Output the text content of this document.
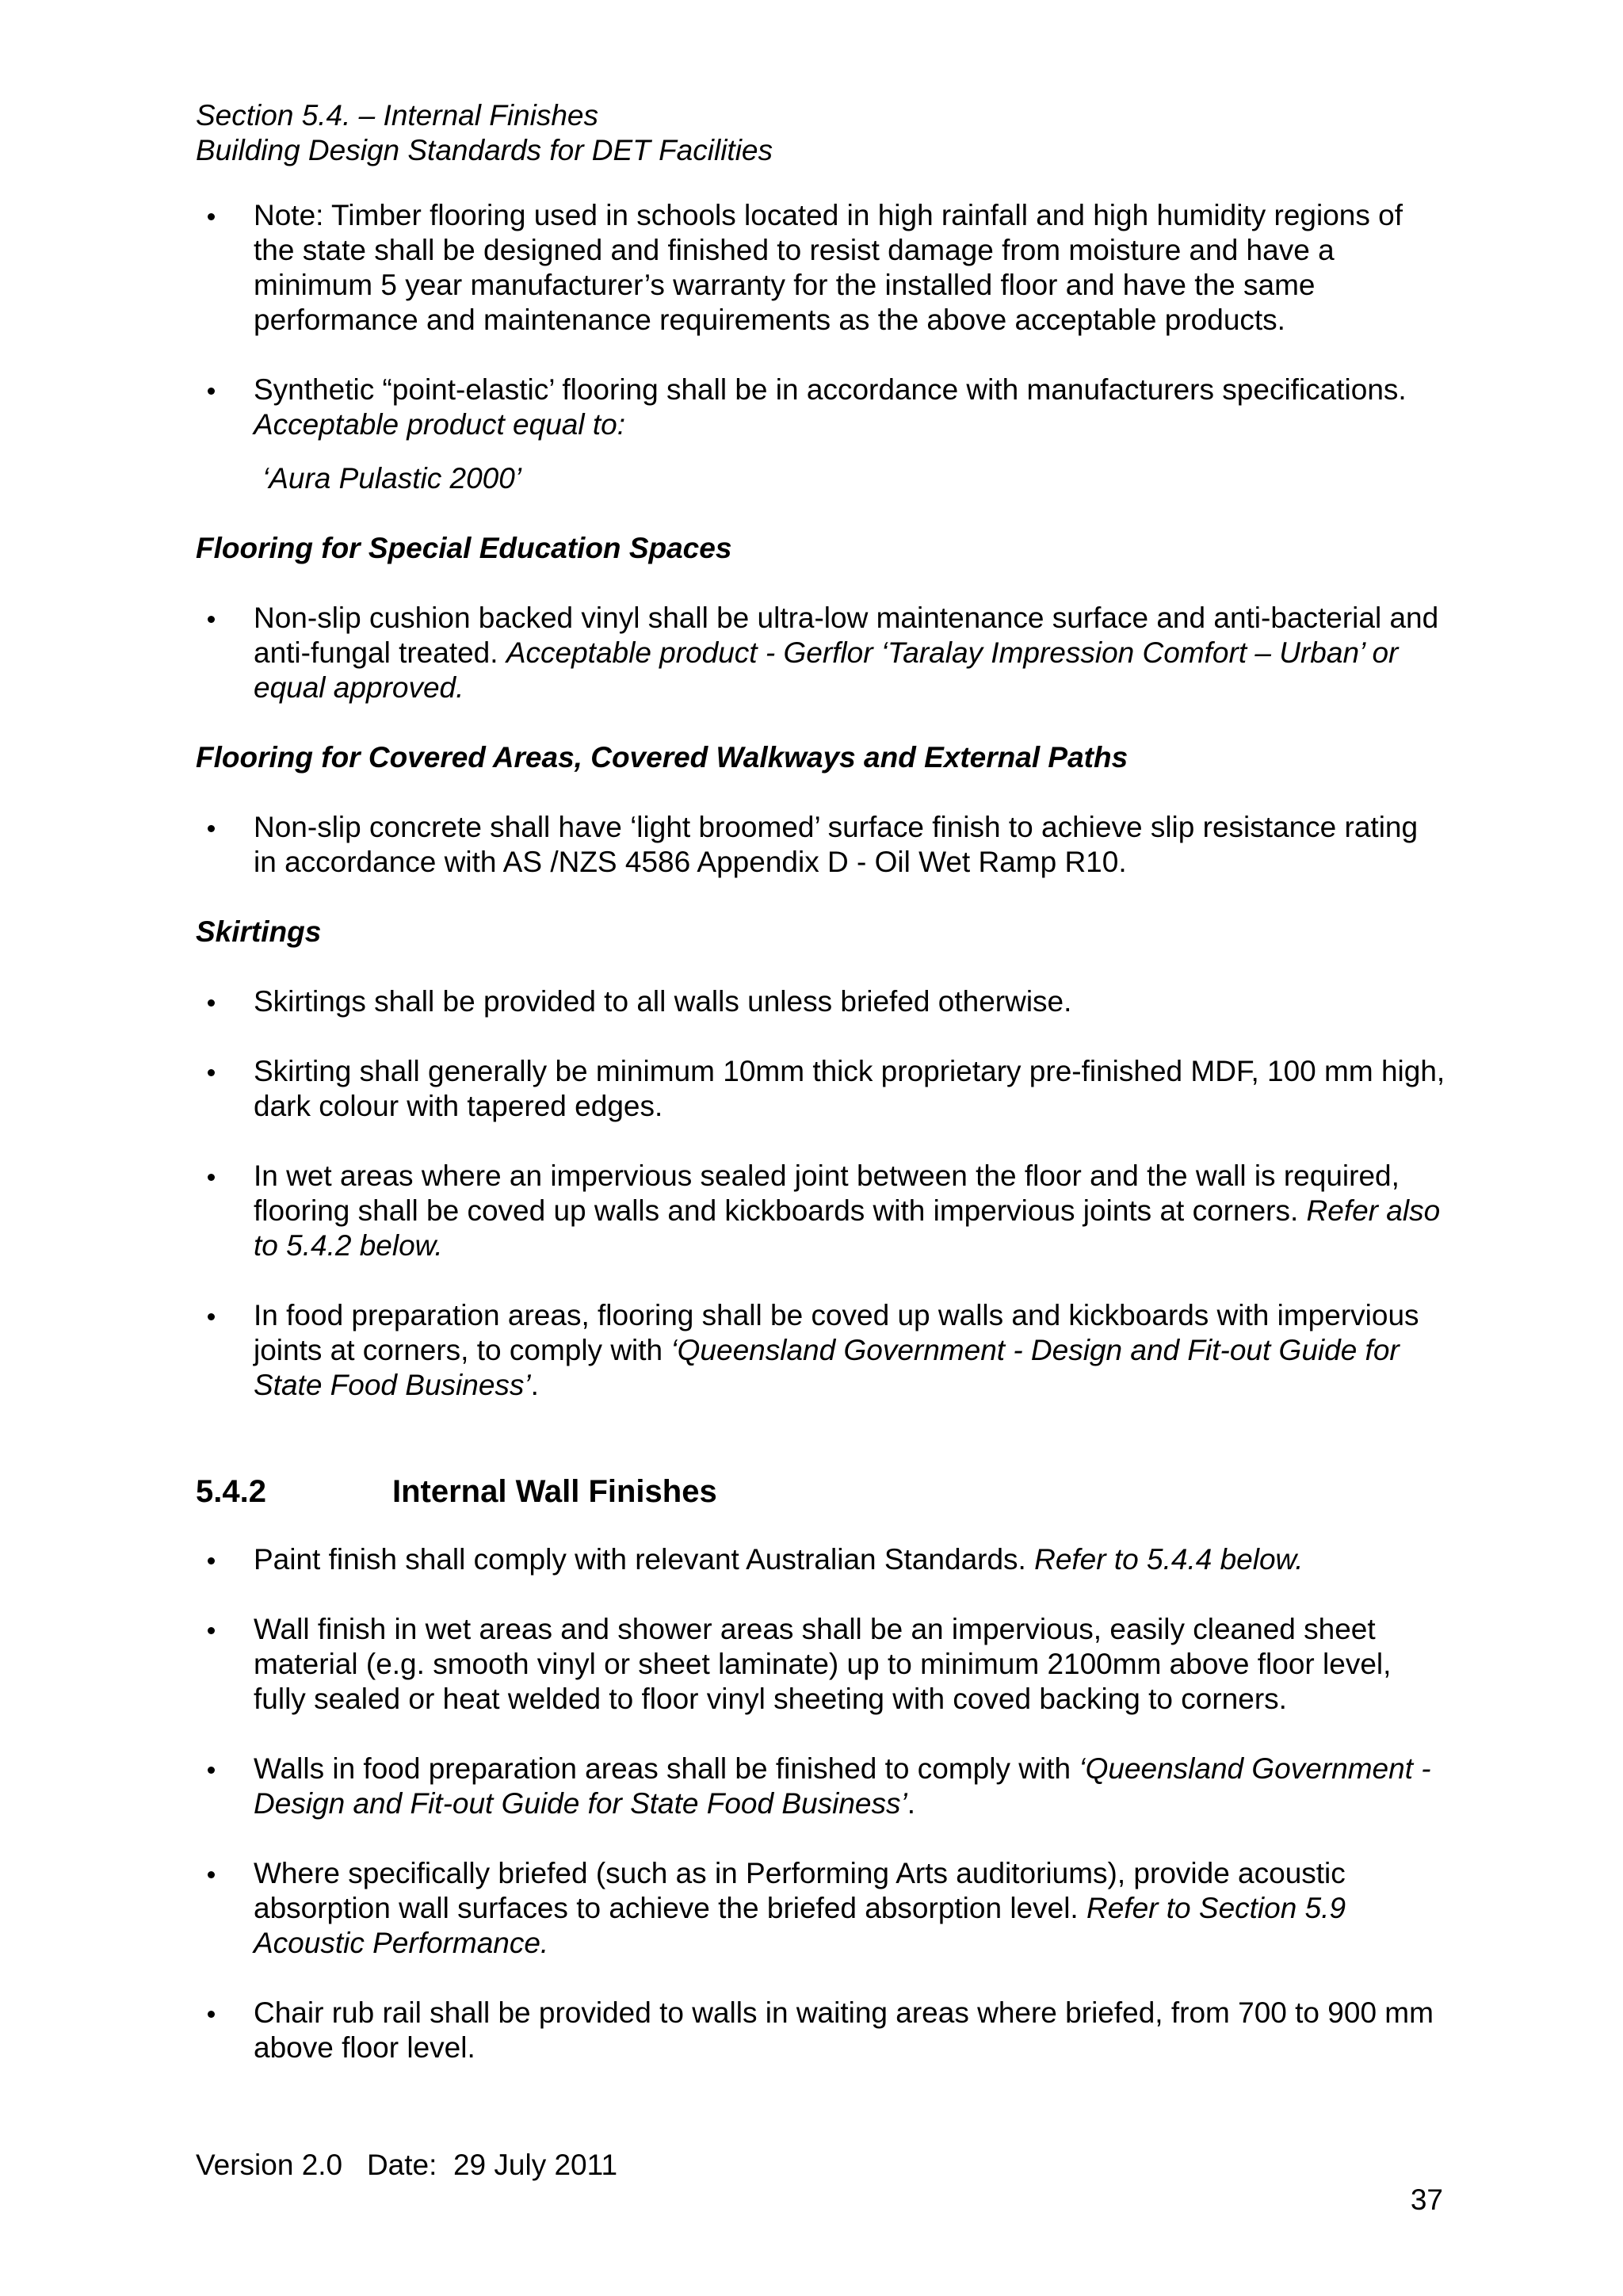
Section 5.4. – Internal Finishes
Building Design Standards for DET Facilities
Note: Timber flooring used in schools located in high rainfall and high humidity regions of the state shall be designed and finished to resist damage from moisture and have a minimum 5 year manufacturer’s warranty for the installed floor and have the same performance and maintenance requirements as the above acceptable products.
Synthetic “point-elastic’ flooring shall be in accordance with manufacturers specifications. Acceptable product equal to:
‘Aura Pulastic 2000’
Flooring for Special Education Spaces
Non-slip cushion backed vinyl shall be ultra-low maintenance surface and anti-bacterial and anti-fungal treated. Acceptable product - Gerflor ‘Taralay Impression Comfort – Urban’ or equal approved.
Flooring for Covered Areas, Covered Walkways and External Paths
Non-slip concrete shall have ‘light broomed’ surface finish to achieve slip resistance rating in accordance with AS /NZS 4586 Appendix D - Oil Wet Ramp R10.
Skirtings
Skirtings shall be provided to all walls unless briefed otherwise.
Skirting shall generally be minimum 10mm thick proprietary pre-finished MDF, 100 mm high, dark colour with tapered edges.
In wet areas where an impervious sealed joint between the floor and the wall is required, flooring shall be coved up walls and kickboards with impervious joints at corners. Refer also to 5.4.2 below.
In food preparation areas, flooring shall be coved up walls and kickboards with impervious joints at corners, to comply with ‘Queensland Government - Design and Fit-out Guide for State Food Business’.
5.4.2	Internal Wall Finishes
Paint finish shall comply with relevant Australian Standards. Refer to 5.4.4 below.
Wall finish in wet areas and shower areas shall be an impervious, easily cleaned sheet material (e.g. smooth vinyl or sheet laminate) up to minimum 2100mm above floor level, fully sealed or heat welded to floor vinyl sheeting with coved backing to corners.
Walls in food preparation areas shall be finished to comply with ‘Queensland Government - Design and Fit-out Guide for State Food Business’.
Where specifically briefed (such as in Performing Arts auditoriums), provide acoustic absorption wall surfaces to achieve the briefed absorption level. Refer to Section 5.9 Acoustic Performance.
Chair rub rail shall be provided to walls in waiting areas where briefed, from 700 to 900 mm above floor level.
Version 2.0   Date:  29 July 2011
37
